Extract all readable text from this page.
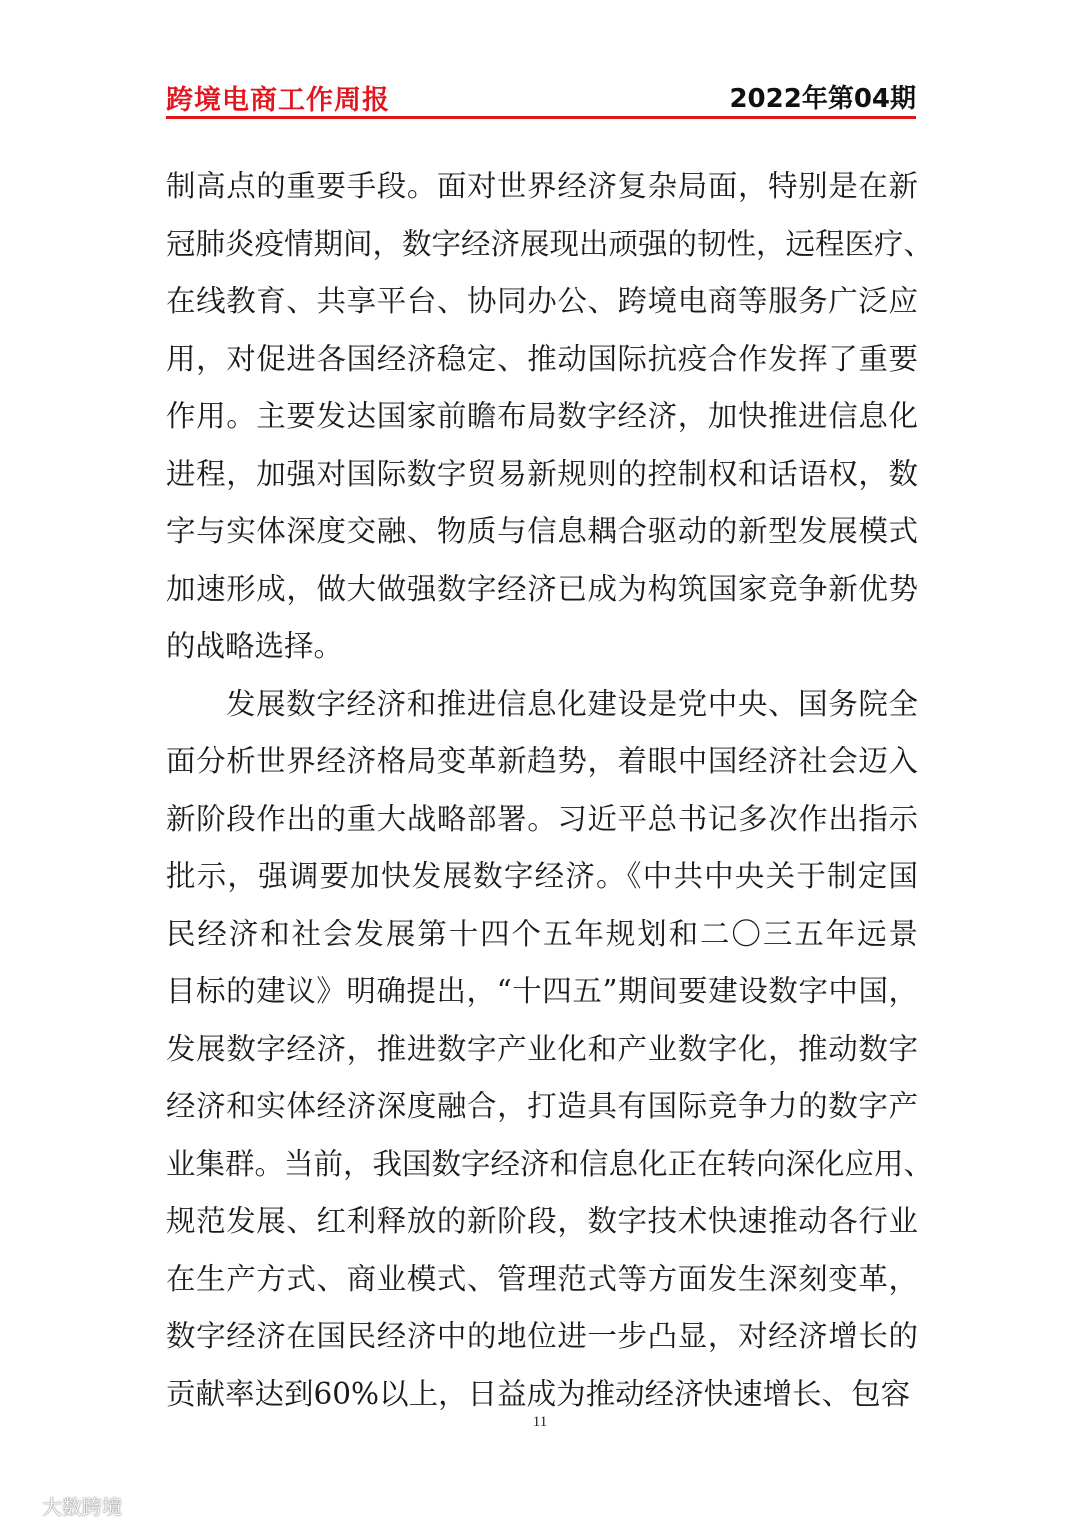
跨境电商工作周报	2022年第04期
制高点的重要手段。面对世界经济复杂局面，特别是在新
冠肺炎疫情期间，数字经济展现出顽强的韧性，远程医疗、
在线教育、共享平台、协同办公、跨境电商等服务广泛应
用，对促进各国经济稳定、推动国际抗疫合作发挥了重要
作用。主要发达国家前瞻布局数字经济，加快推进信息化
进程，加强对国际数字贸易新规则的控制权和话语权，数
字与实体深度交融、物质与信息耦合驱动的新型发展模式
加速形成，做大做强数字经济已成为构筑国家竞争新优势
的战略选择。
发展数字经济和推进信息化建设是党中央、国务院全
面分析世界经济格局变革新趋势，着眼中国经济社会迈入
新阶段作出的重大战略部署。习近平总书记多次作出指示
批示，强调要加快发展数字经济。《中共中央关于制定国
民经济和社会发展第十四个五年规划和二〇三五年远景
目标的建议》明确提出，“十四五”期间要建设数字中国，
发展数字经济，推进数字产业化和产业数字化，推动数字
经济和实体经济深度融合，打造具有国际竞争力的数字产
业集群。当前，我国数字经济和信息化正在转向深化应用、
规范发展、红利释放的新阶段，数字技术快速推动各行业
在生产方式、商业模式、管理范式等方面发生深刻变革，
数字经济在国民经济中的地位进一步凸显，对经济增长的
贡献率达到60%以上，日益成为推动经济快速增长、包容
11
大数跨境
